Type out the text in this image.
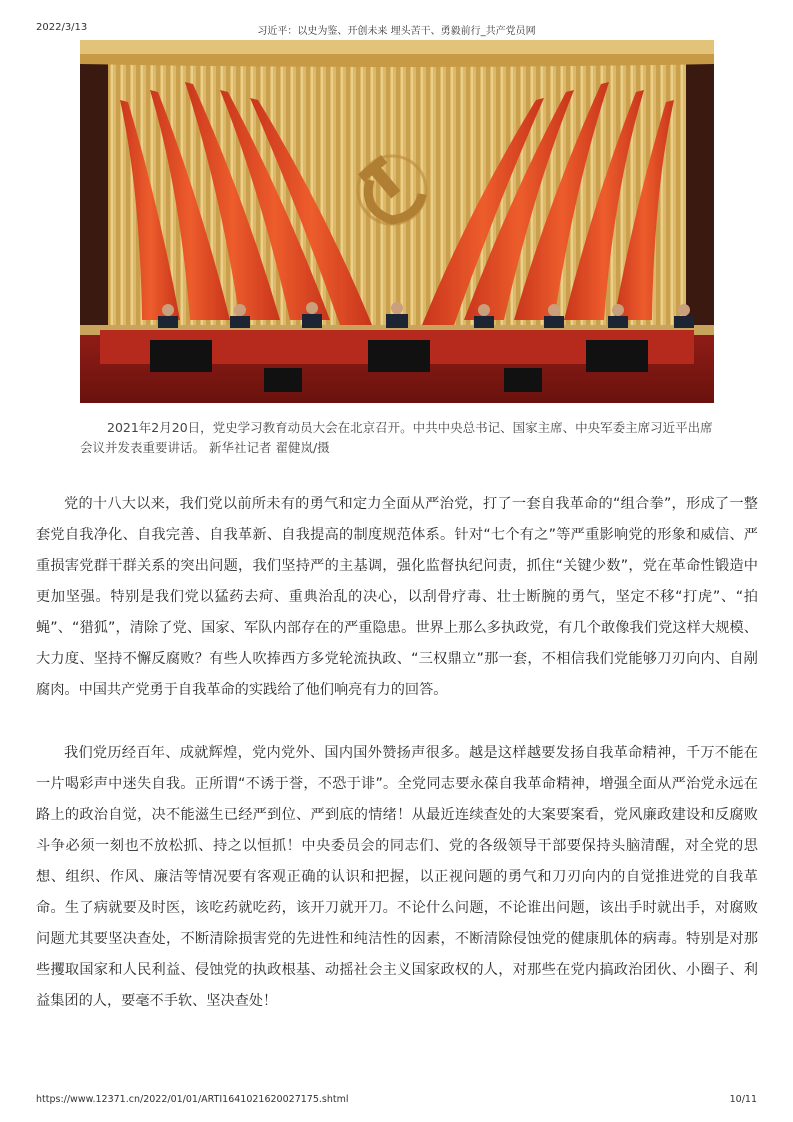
2022/3/13	习近平：以史为鉴、开创未来 埋头苦干、勇毅前行_共产党员网

2021年2月20日，党史学习教育动员大会在北京召开。中共中央总书记、国家主席、中央军委主席习近平出席会议并发表重要讲话。 新华社记者 翟健岚/摄

党的十八大以来，我们党以前所未有的勇气和定力全面从严治党，打了一套自我革命的“组合拳”，形成了一整套党自我净化、自我完善、自我革新、自我提高的制度规范体系。针对“七个有之”等严重影响党的形象和威信、严重损害党群干群关系的突出问题，我们坚持严的主基调，强化监督执纪问责，抓住“关键少数”，党在革命性锻造中更加坚强。特别是我们党以猛药去疴、重典治乱的决心，以刮骨疗毒、壮士断腕的勇气，坚定不移“打虎”、“拍蝇”、“猎狐”，清除了党、国家、军队内部存在的严重隐患。世界上那么多执政党，有几个敢像我们党这样大规模、大力度、坚持不懈反腐败？有些人吹捧西方多党轮流执政、“三权鼎立”那一套，不相信我们党能够刀刃向内、自剐腐肉。中国共产党勇于自我革命的实践给了他们响亮有力的回答。

我们党历经百年、成就辉煌，党内党外、国内国外赞扬声很多。越是这样越要发扬自我革命精神，千万不能在一片喝彩声中迷失自我。正所谓“不诱于誉，不恐于诽”。全党同志要永葆自我革命精神，增强全面从严治党永远在路上的政治自觉，决不能滋生已经严到位、严到底的情绪！从最近连续查处的大案要案看，党风廉政建设和反腐败斗争必须一刻也不放松抓、持之以恒抓！中央委员会的同志们、党的各级领导干部要保持头脑清醒，对全党的思想、组织、作风、廉洁等情况要有客观正确的认识和把握，以正视问题的勇气和刀刃向内的自觉推进党的自我革命。生了病就要及时医，该吃药就吃药，该开刀就开刀。不论什么问题，不论谁出问题，该出手时就出手，对腐败问题尤其要坚决查处，不断清除损害党的先进性和纯洁性的因素，不断清除侵蚀党的健康肌体的病毒。特别是对那些攫取国家和人民利益、侵蚀党的执政根基、动摇社会主义国家政权的人，对那些在党内搞政治团伙、小圈子、利益集团的人，要毫不手软、坚决查处！

https://www.12371.cn/2022/01/01/ARTI1641021620027175.shtml	10/11
